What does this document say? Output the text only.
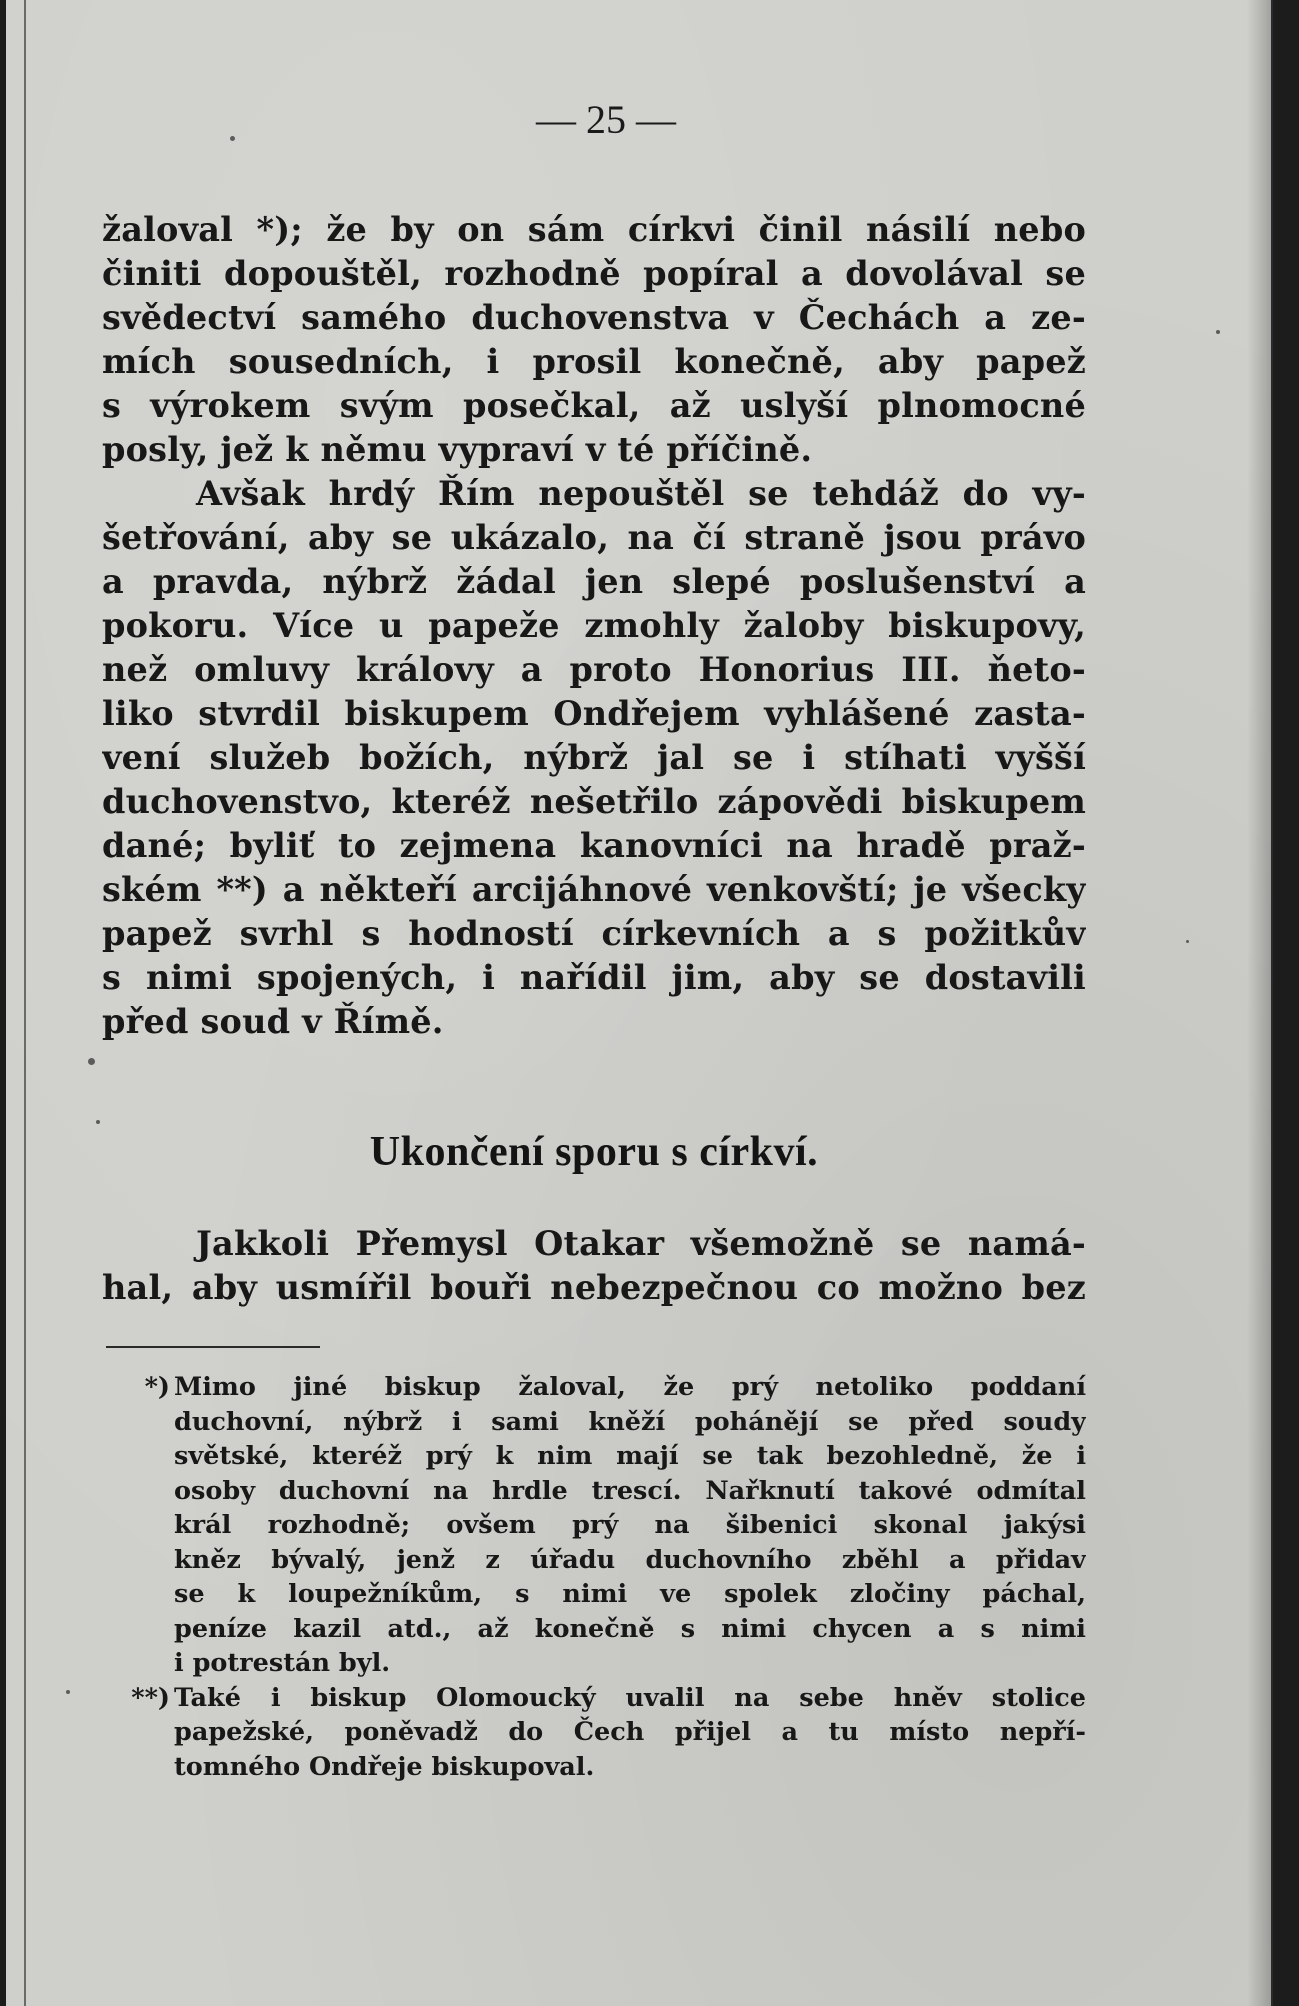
— 25 —
žaloval *); že by on sám církvi činil násilí nebo
činiti dopouštěl, rozhodně popíral a dovolával se
svědectví samého duchovenstva v Čechách a ze-
mích sousedních, i prosil konečně, aby papež
s výrokem svým posečkal, až uslyší plnomocné
posly, jež k němu vypraví v té příčině.
Avšak hrdý Řím nepouštěl se tehdáž do vy-
šetřování, aby se ukázalo, na čí straně jsou právo
a pravda, nýbrž žádal jen slepé poslušenství a
pokoru. Více u papeže zmohly žaloby biskupovy,
než omluvy královy a proto Honorius III. ňeto-
liko stvrdil biskupem Ondřejem vyhlášené zasta-
vení služeb božích, nýbrž jal se i stíhati vyšší
duchovenstvo, kteréž nešetřilo zápovědi biskupem
dané; byliť to zejmena kanovníci na hradě praž-
ském **) a někteří arcijáhnové venkovští; je všecky
papež svrhl s hodností církevních a s požitkův
s nimi spojených, i nařídil jim, aby se dostavili
před soud v Římě.
Ukončení sporu s církví.
Jakkoli Přemysl Otakar všemožně se namá-
hal, aby usmířil bouři nebezpečnou co možno bez
*) Mimo jiné biskup žaloval, že prý netoliko poddaní
duchovní, nýbrž i sami kněží pohánějí se před soudy
světské, kteréž prý k nim mají se tak bezohledně, že i
osoby duchovní na hrdle trescí. Nařknutí takové odmítal
král rozhodně; ovšem prý na šibenici skonal jakýsi
kněz bývalý, jenž z úřadu duchovního zběhl a přidav
se k loupežníkům, s nimi ve spolek zločiny páchal,
peníze kazil atd., až konečně s nimi chycen a s nimi
i potrestán byl.
**) Také i biskup Olomoucký uvalil na sebe hněv stolice
papežské, poněvadž do Čech přijel a tu místo nepří-
tomného Ondřeje biskupoval.
